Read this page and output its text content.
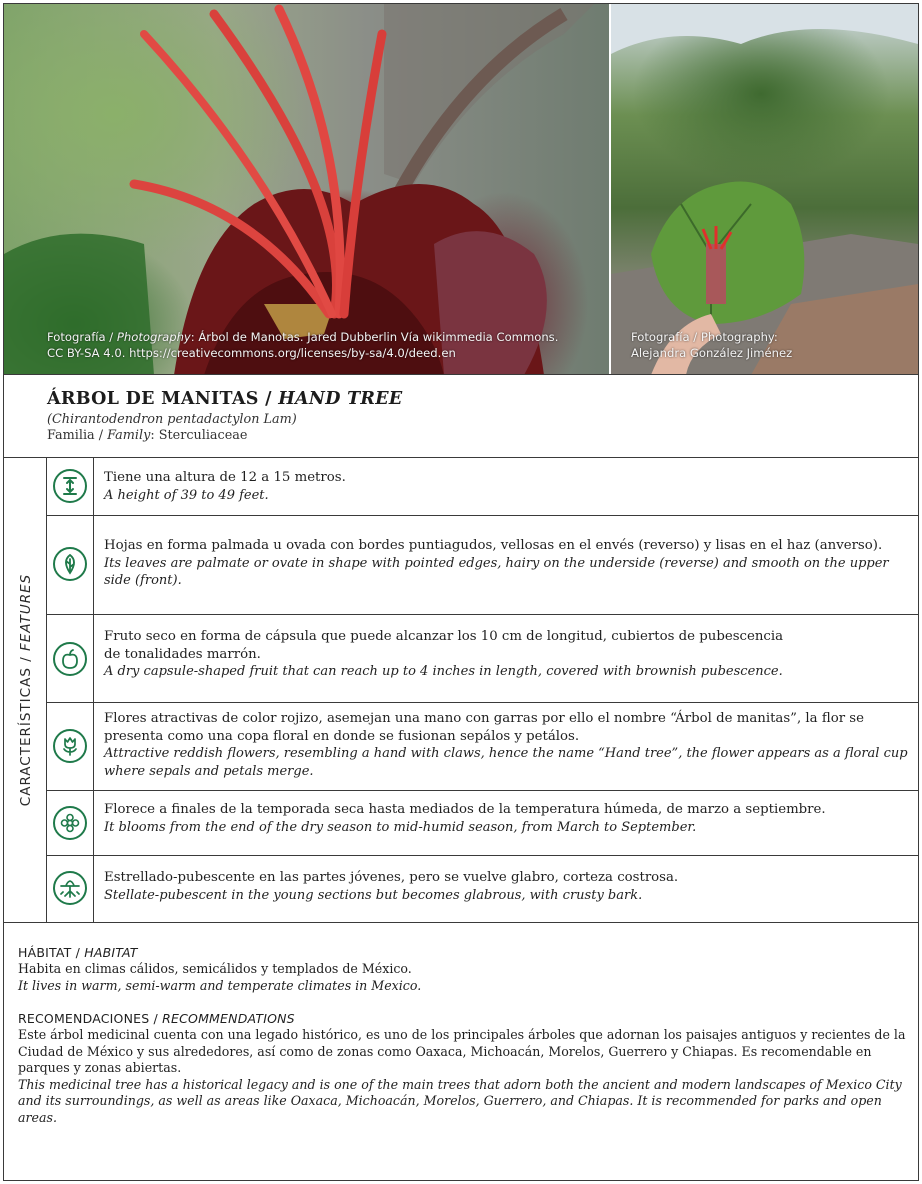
Fotografía / Photography: Árbol de Manotas. Jared Dubberlin Vía wikimmedia Commons.
CC BY-SA 4.0. https://creativecommons.org/licenses/by-sa/4.0/deed.en
Fotografía / Photography:
Alejandra González Jiménez
ÁRBOL DE MANITAS / HAND TREE
(Chirantodendron pentadactylon Lam)
Familia / Family: Sterculiaceae
CARACTERÍSTICAS / FEATURES
Tiene una altura de 12 a 15 metros.
A height of 39 to 49 feet.
Hojas en forma palmada u ovada con bordes puntiagudos, vellosas en el envés (reverso) y lisas en el haz (anverso).
Its leaves are palmate or ovate in shape with pointed edges, hairy on the underside (reverse) and smooth on the upper side (front).
Fruto seco en forma de cápsula que puede alcanzar los 10 cm de longitud, cubiertos de pubescencia de tonalidades marrón.
A dry capsule-shaped fruit that can reach up to 4 inches in length, covered with brownish pubescence.
Flores atractivas de color rojizo, asemejan una mano con garras por ello el nombre “Árbol de manitas”, la flor se presenta como una copa floral en donde se fusionan sepálos y petálos.
Attractive reddish flowers, resembling a hand with claws, hence the name “Hand tree”, the flower appears as a floral cup where sepals and petals merge.
Florece a finales de la temporada seca hasta mediados de la temperatura húmeda, de marzo a septiembre.
It blooms from the end of the dry season to mid-humid season, from March to September.
Estrellado-pubescente en las partes jóvenes, pero se vuelve glabro, corteza costrosa.
Stellate-pubescent in the young sections but becomes glabrous, with crusty bark.
HÁBITAT / HABITAT
Habita en climas cálidos, semicálidos y templados de México.
It lives in warm, semi-warm and temperate climates in Mexico.
RECOMENDACIONES / RECOMMENDATIONS
Este árbol medicinal cuenta con una legado histórico, es uno de los principales árboles que adornan los paisajes antiguos y recientes de la Ciudad de México y sus alrededores, así como de zonas como Oaxaca, Michoacán, Morelos, Guerrero y Chiapas. Es recomendable en parques y zonas abiertas.
This medicinal tree has a historical legacy and is one of the main trees that adorn both the ancient and modern landscapes of Mexico City and its surroundings, as well as areas like Oaxaca, Michoacán, Morelos, Guerrero, and Chiapas. It is recommended for parks and open areas.
